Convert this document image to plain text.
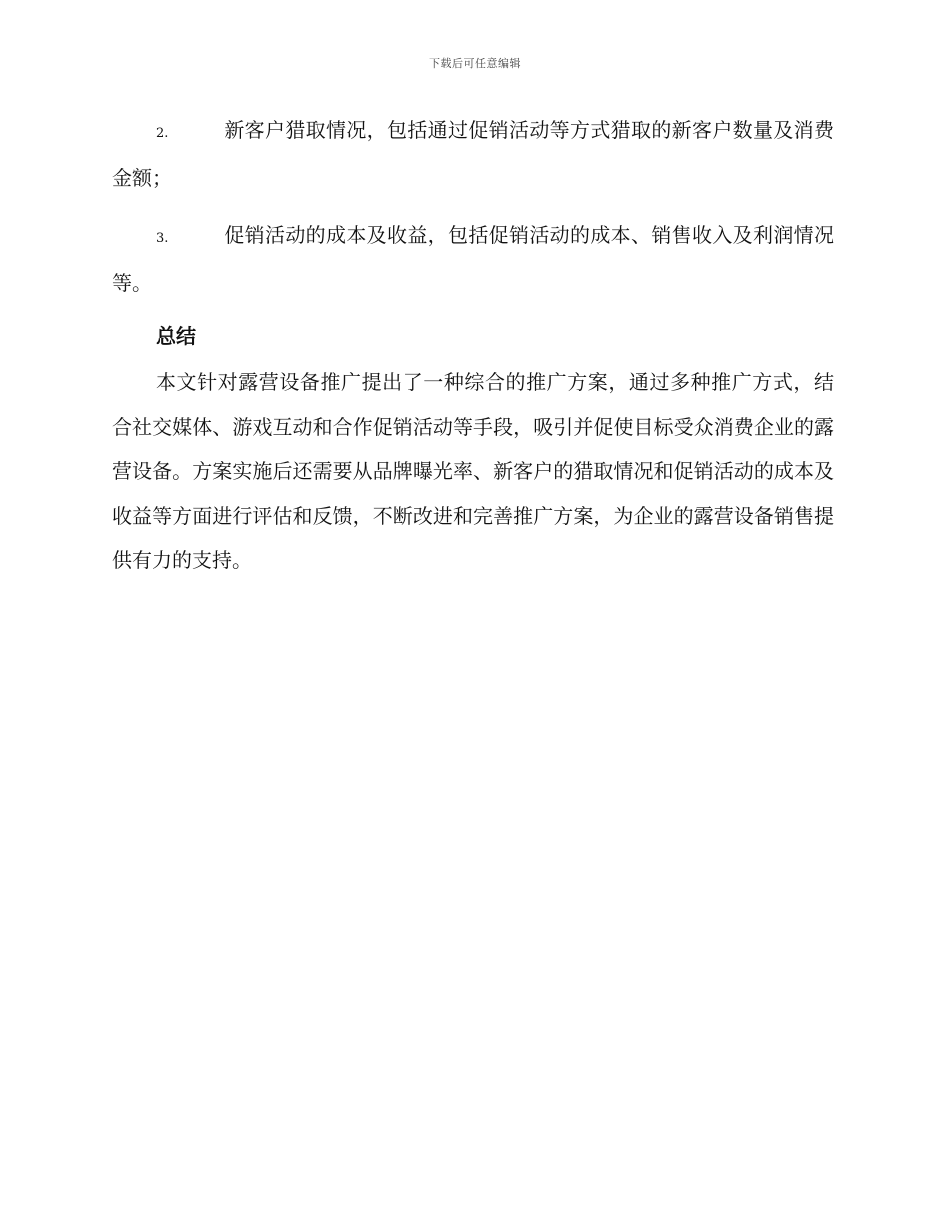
下载后可任意编辑

2.	新客户猎取情况，包括通过促销活动等方式猎取的新客户数量及消费金额；

3.	促销活动的成本及收益，包括促销活动的成本、销售收入及利润情况等。

总结

本文针对露营设备推广提出了一种综合的推广方案，通过多种推广方式，结合社交媒体、游戏互动和合作促销活动等手段，吸引并促使目标受众消费企业的露营设备。方案实施后还需要从品牌曝光率、新客户的猎取情况和促销活动的成本及收益等方面进行评估和反馈，不断改进和完善推广方案，为企业的露营设备销售提供有力的支持。
